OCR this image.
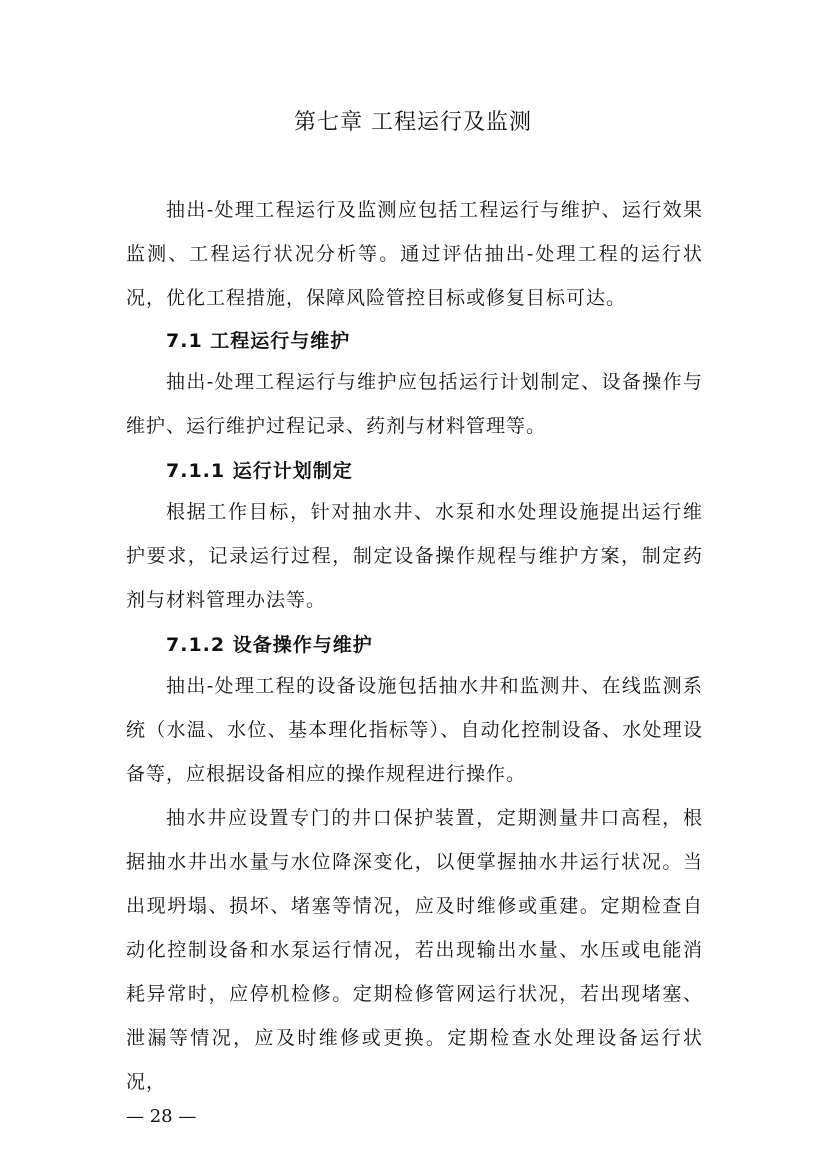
第七章 工程运行及监测

抽出-处理工程运行及监测应包括工程运行与维护、运行效果监测、工程运行状况分析等。通过评估抽出-处理工程的运行状况，优化工程措施，保障风险管控目标或修复目标可达。

7.1 工程运行与维护

抽出-处理工程运行与维护应包括运行计划制定、设备操作与维护、运行维护过程记录、药剂与材料管理等。

7.1.1 运行计划制定

根据工作目标，针对抽水井、水泵和水处理设施提出运行维护要求，记录运行过程，制定设备操作规程与维护方案，制定药剂与材料管理办法等。

7.1.2 设备操作与维护

抽出-处理工程的设备设施包括抽水井和监测井、在线监测系统（水温、水位、基本理化指标等）、自动化控制设备、水处理设备等，应根据设备相应的操作规程进行操作。

抽水井应设置专门的井口保护装置，定期测量井口高程，根据抽水井出水量与水位降深变化，以便掌握抽水井运行状况。当出现坍塌、损坏、堵塞等情况，应及时维修或重建。定期检查自动化控制设备和水泵运行情况，若出现输出水量、水压或电能消耗异常时，应停机检修。定期检修管网运行状况，若出现堵塞、泄漏等情况，应及时维修或更换。定期检查水处理设备运行状况，

— 28 —
